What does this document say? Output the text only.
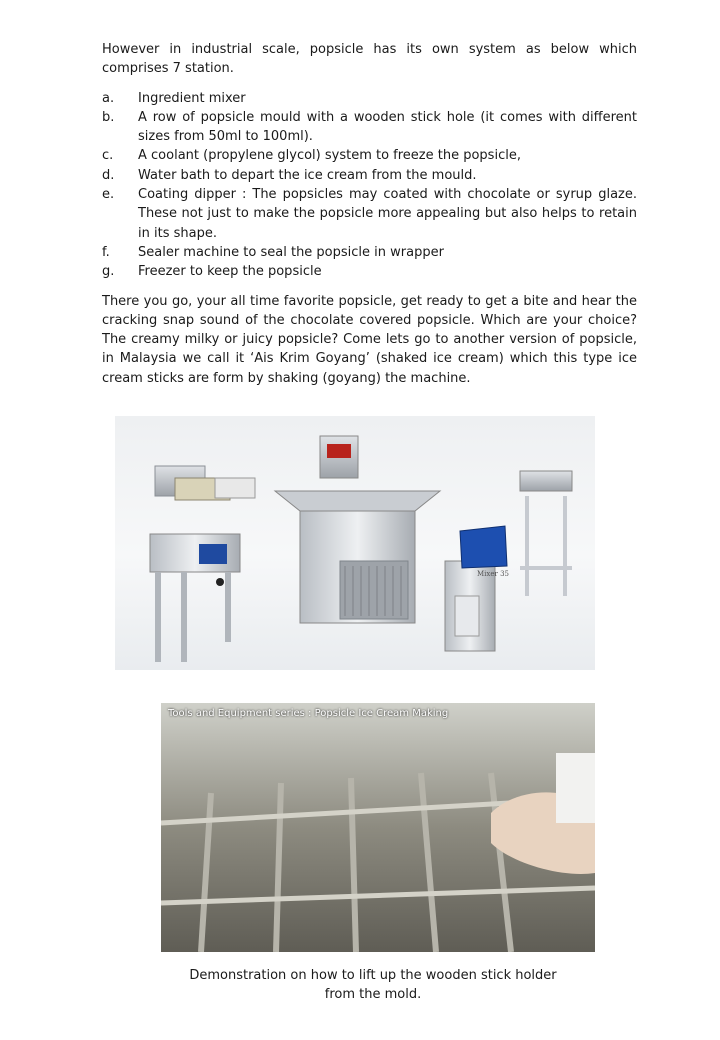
However in industrial scale, popsicle has its own system as below which comprises 7 station.

a.	Ingredient mixer
b.	A row of popsicle mould with a wooden stick hole (it comes with different sizes from 50ml to 100ml).
c.	A coolant (propylene glycol) system to freeze the popsicle,
d.	Water bath to depart the ice cream from the mould.
e.	Coating dipper : The popsicles may coated with chocolate or syrup glaze. These not just to make the popsicle more appealing but also helps to retain in its shape.
f.	Sealer machine to seal the popsicle in wrapper
g.	Freezer to keep the popsicle

There you go, your all time favorite popsicle, get ready to get a bite and hear the cracking snap sound of the chocolate covered popsicle. Which are your choice? The creamy milky or juicy popsicle? Come lets go to another version of popsicle, in Malaysia we call it ‘Ais Krim Goyang’ (shaked ice cream) which this type ice cream sticks are form by shaking (goyang) the machine.

Mixer 35
Tools and Equipment series : Popsicle Ice Cream Making
Demonstration on how to lift up the wooden stick holder
from the mold.
